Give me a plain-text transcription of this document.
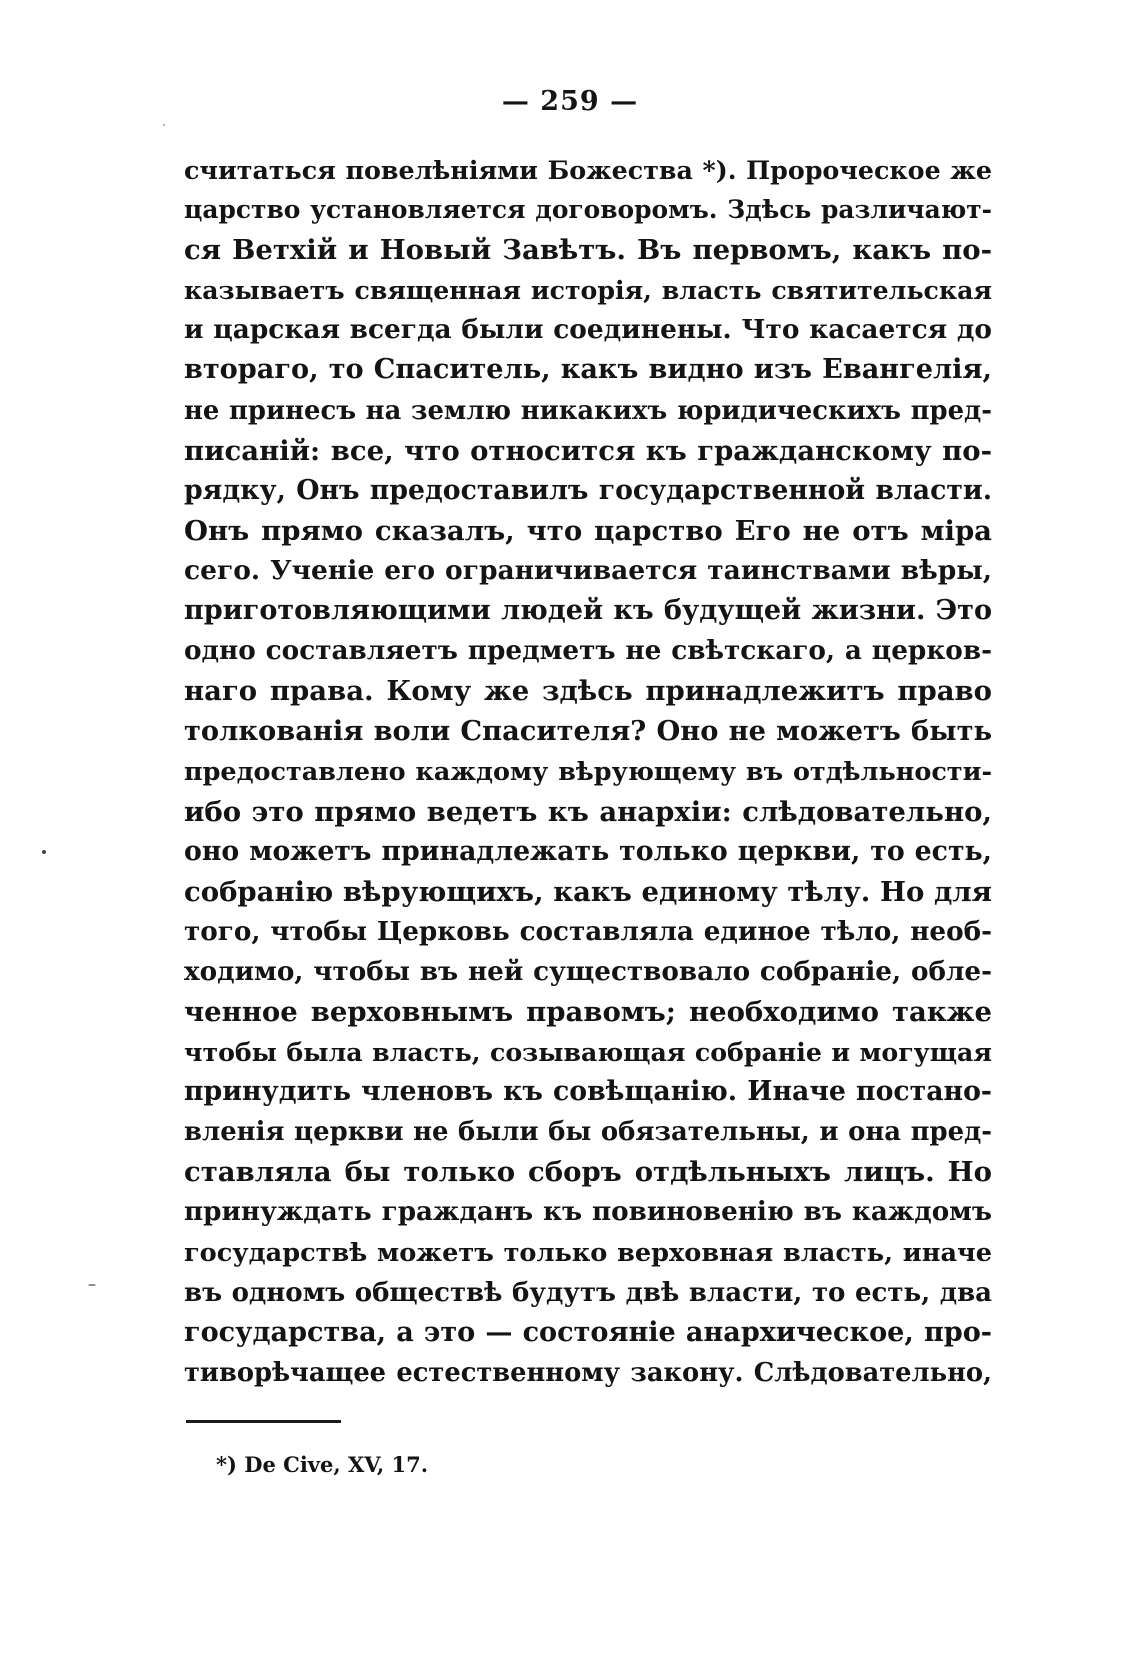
— 259 —
считаться повелѣніями Божества *). Пророческое же
царство установляется договоромъ. Здѣсь различают-
ся Ветхій и Новый Завѣтъ. Въ первомъ, какъ по-
казываетъ священная исторія, власть святительская
и царская всегда были соединены. Что касается до
втораго, то Спаситель, какъ видно изъ Евангелія,
не принесъ на землю никакихъ юридическихъ пред-
писаній: все, что относится къ гражданскому по-
рядку, Онъ предоставилъ государственной власти.
Онъ прямо сказалъ, что царство Его не отъ міра
сего. Ученіе его ограничивается таинствами вѣры,
приготовляющими людей къ будущей жизни. Это
одно составляетъ предметъ не свѣтскаго, а церков-
наго права. Кому же здѣсь принадлежитъ право
толкованія воли Спасителя? Оно не можетъ быть
предоставлено каждому вѣрующему въ отдѣльности-
ибо это прямо ведетъ къ анархіи: слѣдовательно,
оно можетъ принадлежать только церкви, то есть,
собранію вѣрующихъ, какъ единому тѣлу. Но для
того, чтобы Церковь составляла единое тѣло, необ-
ходимо, чтобы въ ней существовало собраніе, обле-
ченное верховнымъ правомъ; необходимо также
чтобы была власть, созывающая собраніе и могущая
принудить членовъ къ совѣщанію. Иначе постано-
вленія церкви не были бы обязательны, и она пред-
ставляла бы только сборъ отдѣльныхъ лицъ. Но
принуждать гражданъ къ повиновенію въ каждомъ
государствѣ можетъ только верховная власть, иначе
въ одномъ обществѣ будутъ двѣ власти, то есть, два
государства, а это — состояніе анархическое, про-
тиворѣчащее естественному закону. Слѣдовательно,
*) De Cive, XV, 17.
